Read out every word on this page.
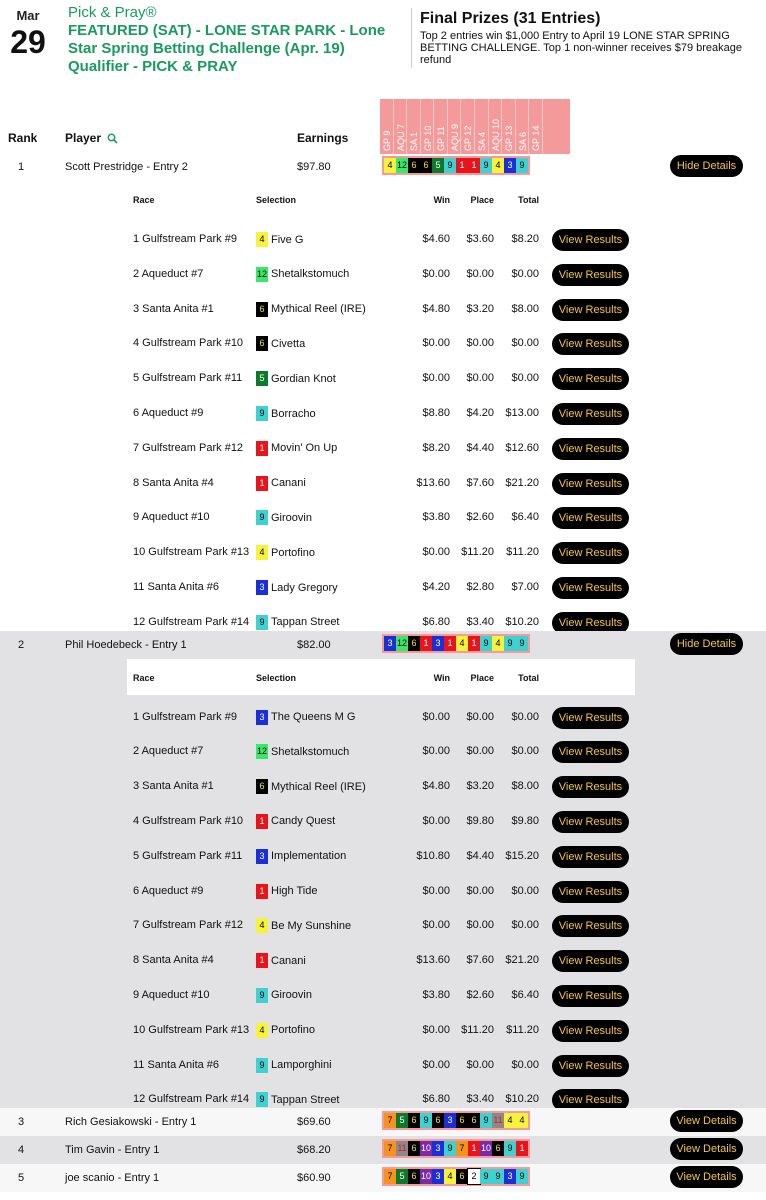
Mar
29
Pick & Pray®
FEATURED (SAT) - LONE STAR PARK - Lone Star Spring Betting Challenge (Apr. 19) Qualifier - PICK & PRAY
Final Prizes (31 Entries)
Top 2 entries win $1,000 Entry to April 19 LONE STAR SPRING BETTING CHALLENGE. Top 1 non-winner receives $79 breakage refund
Rank Player	Earnings	GP 9 AQU 7 SA 1 GP 10 GP 11 AQU 9 GP 12 SA 4 AQU 10 GP 13 SA 6 GP 14
1	Scott Prestridge - Entry 2	$97.80	4 12 6 6 5 9 1 1 9 4 3 9	Hide Details
Race	Selection	Win Place	Total
1 Gulfstream Park #9	4 Five G	$4.60 $3.60 $8.20	View Results
2 Aqueduct #7	12 Shetalkstomuch	$0.00 $0.00 $0.00	View Results
3 Santa Anita #1	6 Mythical Reel (IRE)	$4.80 $3.20 $8.00	View Results
4 Gulfstream Park #10	6 Civetta	$0.00 $0.00 $0.00	View Results
5 Gulfstream Park #11	5 Gordian Knot	$0.00 $0.00 $0.00	View Results
6 Aqueduct #9	9 Borracho	$8.80 $4.20 $13.00	View Results
7 Gulfstream Park #12	1 Movin' On Up	$8.20 $4.40 $12.60	View Results
8 Santa Anita #4	1 Canani	$13.60 $7.60 $21.20	View Results
9 Aqueduct #10	9 Giroovin	$3.80 $2.60 $6.40	View Results
10 Gulfstream Park #13	4 Portofino	$0.00 $11.20 $11.20	View Results
11 Santa Anita #6	3 Lady Gregory	$4.20 $2.80 $7.00	View Results
12 Gulfstream Park #14	9 Tappan Street	$6.80 $3.40 $10.20	View Results
2	Phil Hoedebeck - Entry 1	$82.00	3 12 6 1 3 1 4 1 9 4 9 9	Hide Details
Race	Selection	Win Place	Total
1 Gulfstream Park #9	3 The Queens M G	$0.00 $0.00 $0.00	View Results
2 Aqueduct #7	12 Shetalkstomuch	$0.00 $0.00 $0.00	View Results
3 Santa Anita #1	6 Mythical Reel (IRE)	$4.80 $3.20 $8.00	View Results
4 Gulfstream Park #10	1 Candy Quest	$0.00 $9.80 $9.80	View Results
5 Gulfstream Park #11	3 Implementation	$10.80 $4.40 $15.20	View Results
6 Aqueduct #9	1 High Tide	$0.00 $0.00 $0.00	View Results
7 Gulfstream Park #12	4 Be My Sunshine	$0.00 $0.00 $0.00	View Results
8 Santa Anita #4	1 Canani	$13.60 $7.60 $21.20	View Results
9 Aqueduct #10	9 Giroovin	$3.80 $2.60 $6.40	View Results
10 Gulfstream Park #13	4 Portofino	$0.00 $11.20 $11.20	View Results
11 Santa Anita #6	9 Lamporghini	$0.00 $0.00 $0.00	View Results
12 Gulfstream Park #14	9 Tappan Street	$6.80 $3.40 $10.20	View Results
3	Rich Gesiakowski - Entry 1	$69.60	7 5 6 9 6 3 6 6 9 11 4 4	View Details
4	Tim Gavin - Entry 1	$68.20	7 11 6 10 3 9 7 1 10 6 9 1	View Details
5	joe scanio - Entry 1	$60.90	7 5 6 10 3 4 6 2 9 9 3 9	View Details
